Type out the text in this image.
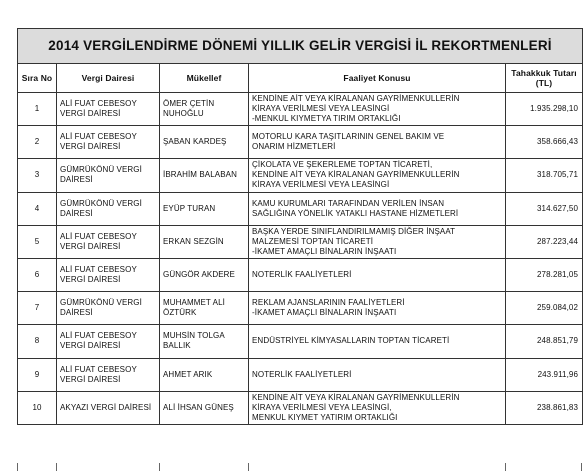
2014 VERGİLENDİRME DÖNEMİ YILLIK GELİR VERGİSİ İL REKORTMENLERİ				
Sıra No	Vergi Dairesi	Mükellef	Faaliyet Konusu	Tahakkuk Tutarı (TL)
1	ALİ FUAT CEBESOY VERGİ DAİRESİ	ÖMER ÇETİN NUHOĞLU	KENDİNE AİT VEYA KİRALANAN GAYRİMENKULLERİN
KİRAYA VERİLMESİ VEYA LEASİNGİ
-MENKUL KIYMETYA TIRIM ORTAKLIĞI	1.935.298,10
2	ALİ FUAT CEBESOY VERGİ DAİRESİ	ŞABAN KARDEŞ	MOTORLU KARA TAŞITLARININ GENEL BAKIM VE
ONARIM HİZMETLERİ	358.666,43
3	GÜMRÜKÖNÜ VERGİ DAİRESİ	İBRAHİM BALABAN	ÇİKOLATA VE ŞEKERLEME TOPTAN TİCARETİ,
KENDİNE AİT VEYA KİRALANAN GAYRİMENKULLERİN
KİRAYA VERİLMESİ VEYA LEASİNGİ	318.705,71
4	GÜMRÜKÖNÜ VERGİ DAİRESİ	EYÜP TURAN	KAMU KURUMLARI TARAFINDAN VERİLEN İNSAN
SAĞLIĞINA YÖNELİK YATAKLI HASTANE HİZMETLERİ	314.627,50
5	ALİ FUAT CEBESOY VERGİ DAİRESİ	ERKAN SEZGİN	BAŞKA YERDE SINIFLANDIRILMAMIŞ DİĞER İNŞAAT
MALZEMESİ TOPTAN TİCARETİ
-İKAMET AMAÇLI BİNALARIN İNŞAATI	287.223,44
6	ALİ FUAT CEBESOY VERGİ DAİRESİ	GÜNGÖR AKDERE	NOTERLİK FAALİYETLERİ	278.281,05
7	GÜMRÜKÖNÜ VERGİ DAİRESİ	MUHAMMET ALİ ÖZTÜRK	REKLAM AJANSLARININ FAALİYETLERİ
-İKAMET AMAÇLI BİNALARIN İNŞAATI	259.084,02
8	ALİ FUAT CEBESOY VERGİ DAİRESİ	MUHSİN TOLGA BALLIK	ENDÜSTRİYEL KİMYASALLARIN TOPTAN TİCARETİ	248.851,79
9	ALİ FUAT CEBESOY VERGİ DAİRESİ	AHMET ARIK	NOTERLİK FAALİYETLERİ	243.911,96
10	AKYAZI VERGİ DAİRESİ	ALİ İHSAN GÜNEŞ	KENDİNE AİT VEYA KİRALANAN GAYRİMENKULLERİN
KİRAYA VERİLMESİ VEYA LEASİNGİ,
MENKUL KIYMET YATIRIM ORTAKLIĞI	238.861,83
